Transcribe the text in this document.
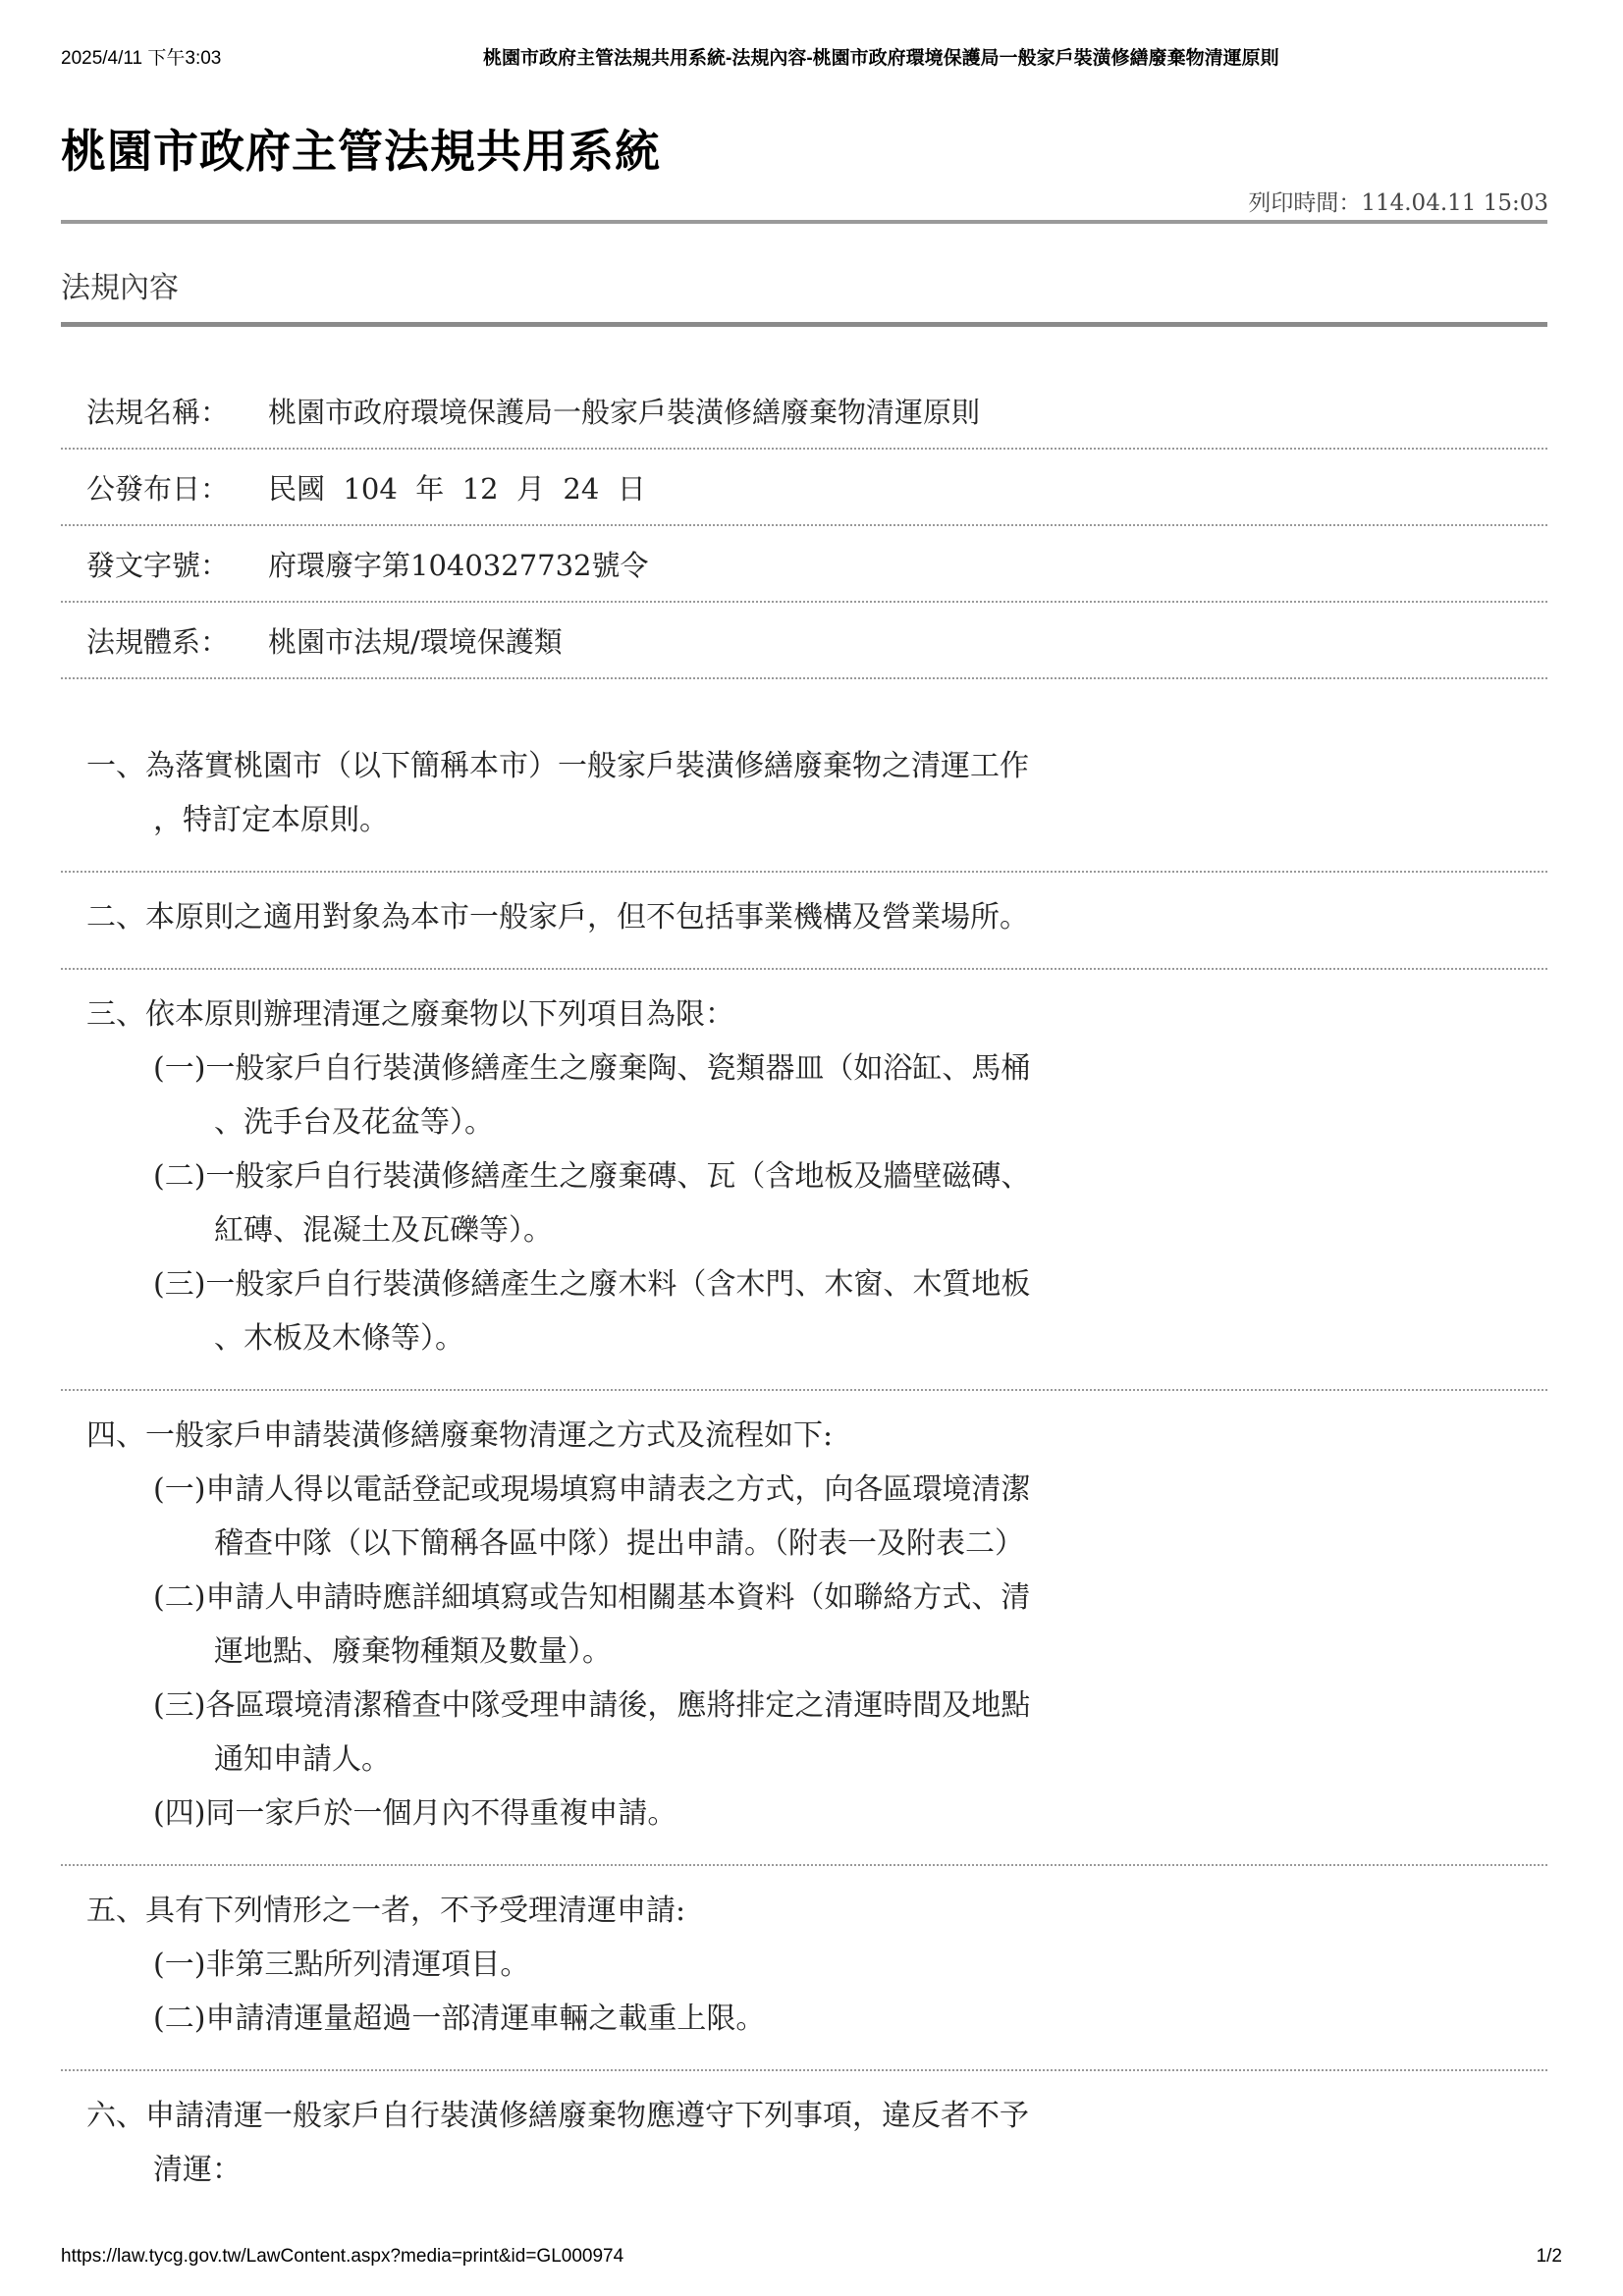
2025/4/11 下午3:03	桃園市政府主管法規共用系統-法規內容-桃園市政府環境保護局一般家戶裝潢修繕廢棄物清運原則
桃園市政府主管法規共用系統
列印時間：114.04.11 15:03
法規內容
法規名稱：	桃園市政府環境保護局一般家戶裝潢修繕廢棄物清運原則
公發布日：	民國  104  年  12  月  24  日
發文字號：	府環廢字第1040327732號令
法規體系：	桃園市法規/環境保護類
一、為落實桃園市（以下簡稱本市）一般家戶裝潢修繕廢棄物之清運工作
，特訂定本原則。
二、本原則之適用對象為本市一般家戶，但不包括事業機構及營業場所。
三、依本原則辦理清運之廢棄物以下列項目為限：
(一)一般家戶自行裝潢修繕產生之廢棄陶、瓷類器皿（如浴缸、馬桶
、洗手台及花盆等）。
(二)一般家戶自行裝潢修繕產生之廢棄磚、瓦（含地板及牆壁磁磚、
紅磚、混凝土及瓦礫等）。
(三)一般家戶自行裝潢修繕產生之廢木料（含木門、木窗、木質地板
、木板及木條等）。
四、一般家戶申請裝潢修繕廢棄物清運之方式及流程如下:
(一)申請人得以電話登記或現場填寫申請表之方式，向各區環境清潔
稽查中隊（以下簡稱各區中隊）提出申請。（附表一及附表二）
(二)申請人申請時應詳細填寫或告知相關基本資料（如聯絡方式、清
運地點、廢棄物種類及數量）。
(三)各區環境清潔稽查中隊受理申請後，應將排定之清運時間及地點
通知申請人。
(四)同一家戶於一個月內不得重複申請。
五、具有下列情形之一者，不予受理清運申請:
(一)非第三點所列清運項目。
(二)申請清運量超過一部清運車輛之載重上限。
六、申請清運一般家戶自行裝潢修繕廢棄物應遵守下列事項，違反者不予
清運：
https://law.tycg.gov.tw/LawContent.aspx?media=print&id=GL000974	1/2
